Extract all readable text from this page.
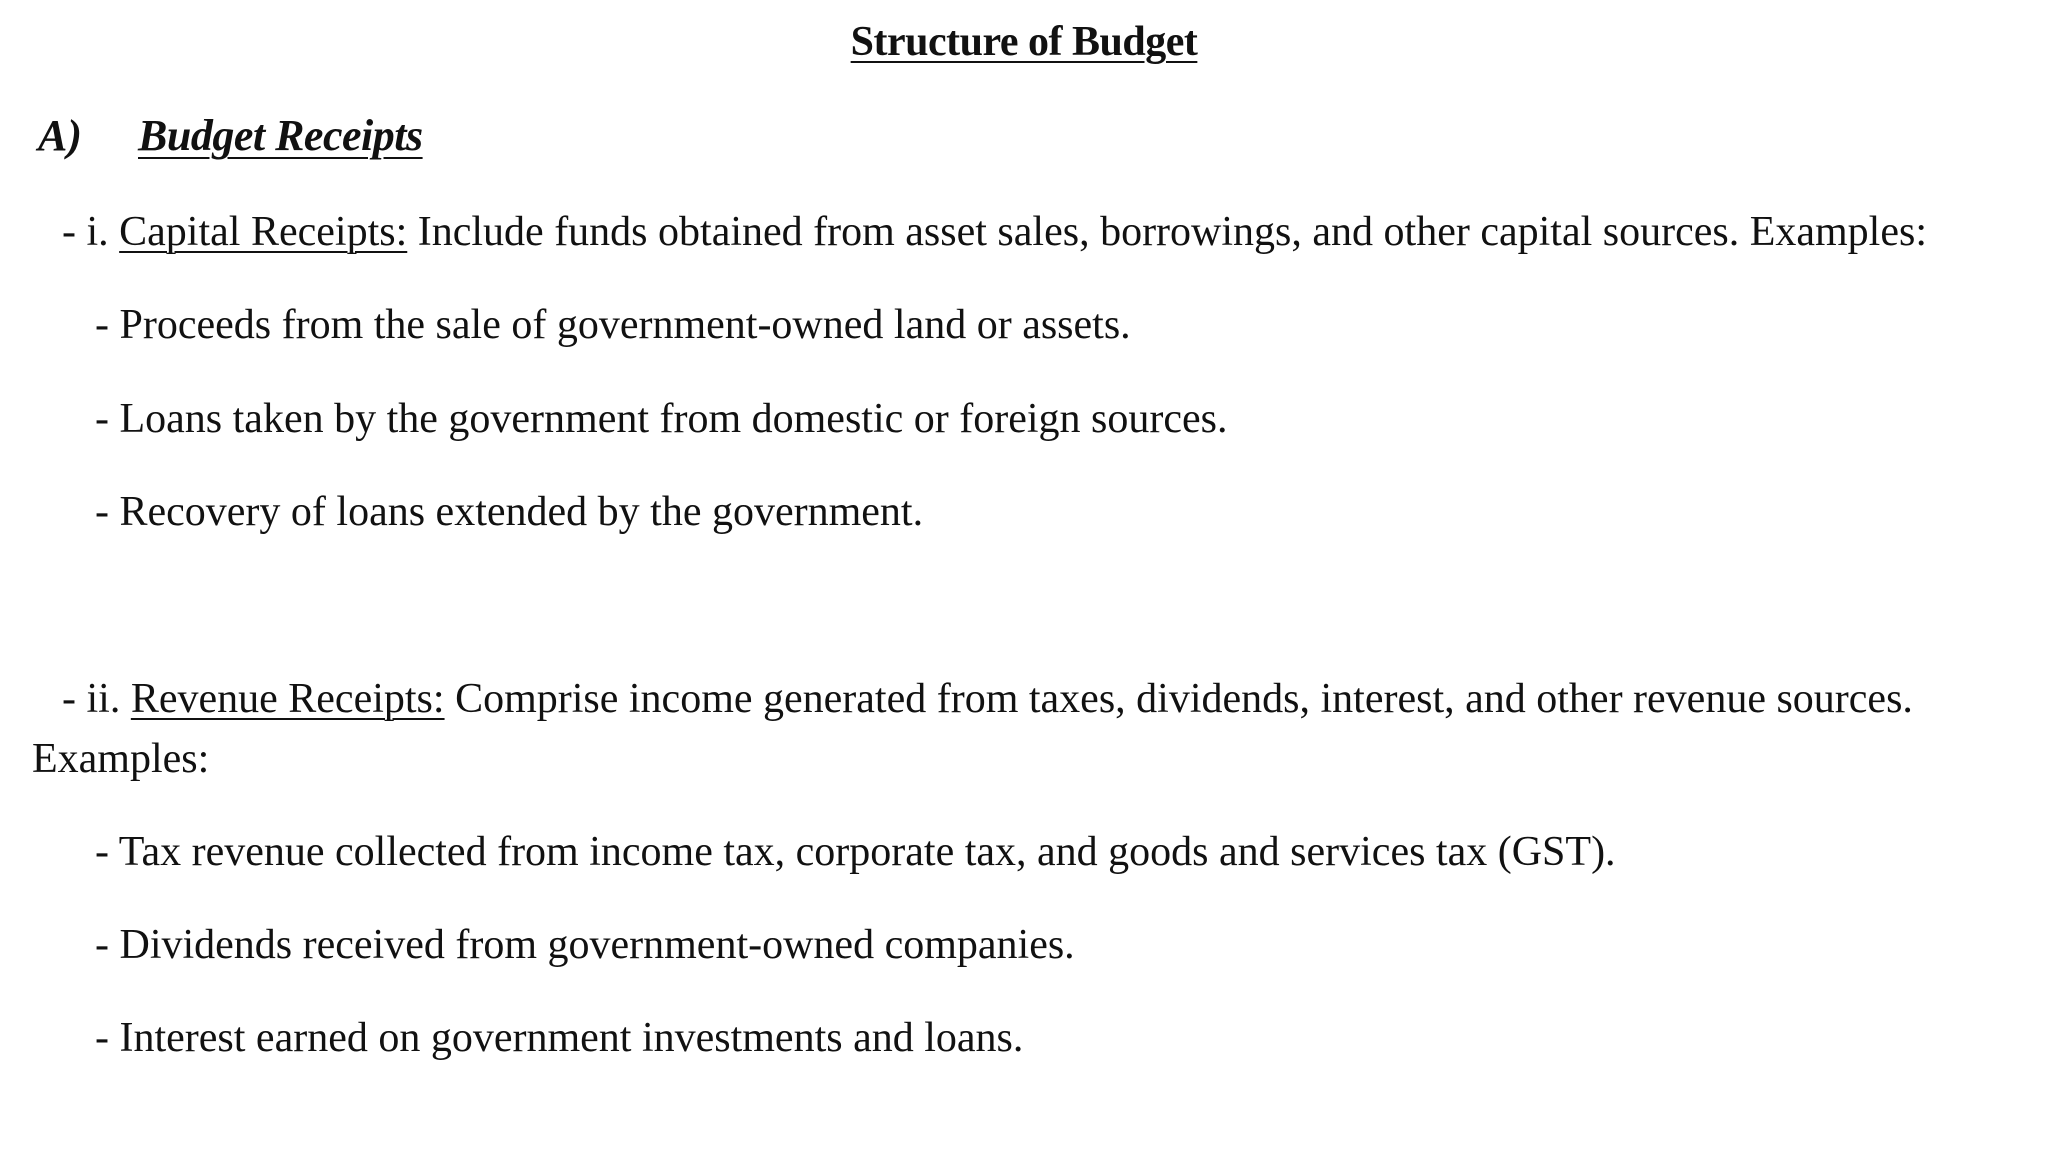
Structure of Budget
A) Budget Receipts
- i. Capital Receipts: Include funds obtained from asset sales, borrowings, and other capital sources. Examples:
- Proceeds from the sale of government-owned land or assets.
- Loans taken by the government from domestic or foreign sources.
- Recovery of loans extended by the government.
- ii. Revenue Receipts: Comprise income generated from taxes, dividends, interest, and other revenue sources.
Examples:
- Tax revenue collected from income tax, corporate tax, and goods and services tax (GST).
- Dividends received from government-owned companies.
- Interest earned on government investments and loans.
